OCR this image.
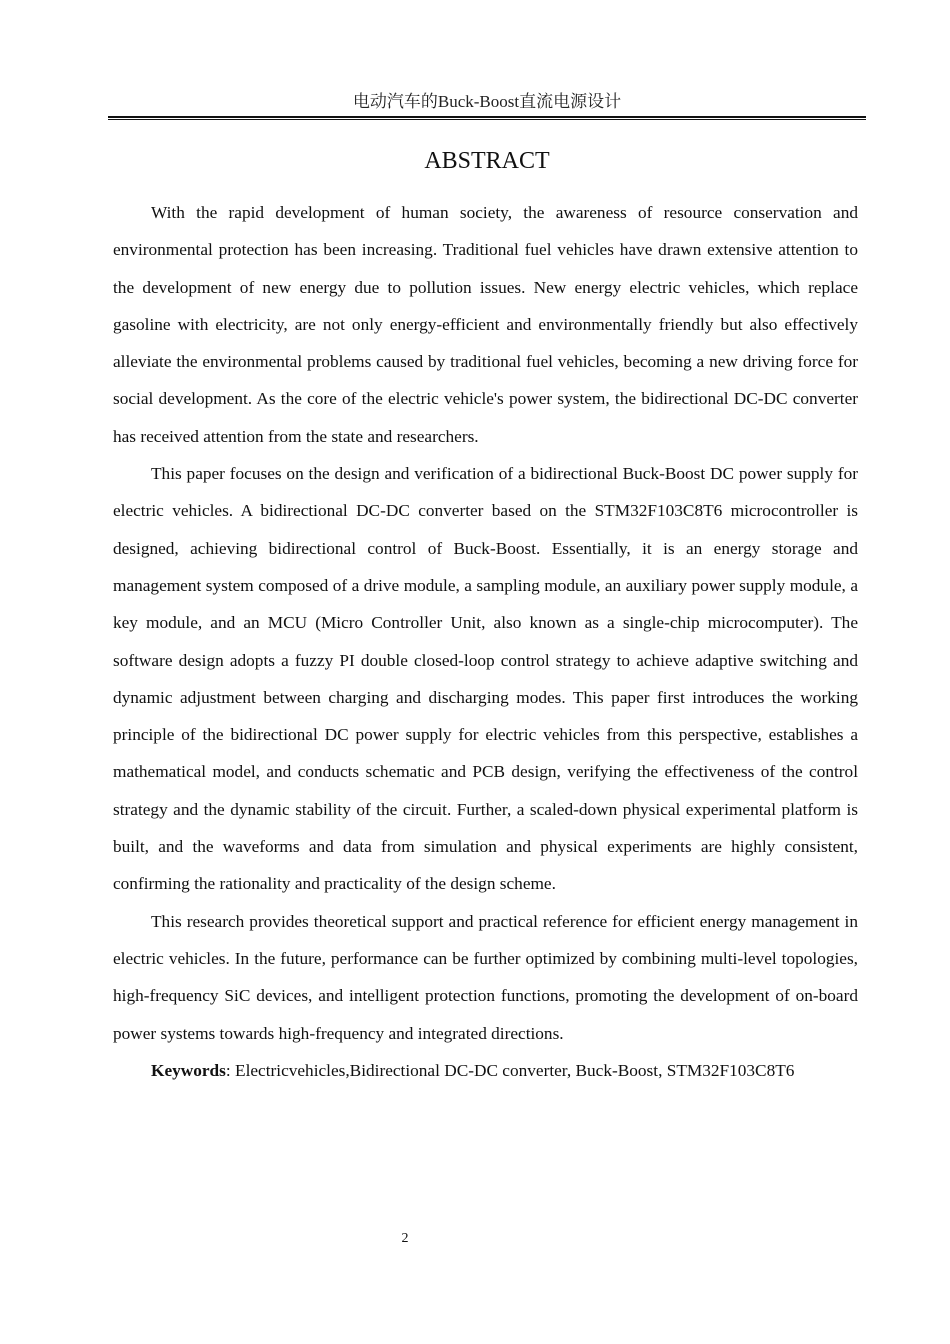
电动汽车的Buck-Boost直流电源设计
ABSTRACT

With the rapid development of human society, the awareness of resource conservation and environmental protection has been increasing. Traditional fuel vehicles have drawn extensive attention to the development of new energy due to pollution issues. New energy electric vehicles, which replace gasoline with electricity, are not only energy-efficient and environmentally friendly but also effectively alleviate the environmental problems caused by traditional fuel vehicles, becoming a new driving force for social development. As the core of the electric vehicle's power system, the bidirectional DC-DC converter has received attention from the state and researchers.

This paper focuses on the design and verification of a bidirectional Buck-Boost DC power supply for electric vehicles. A bidirectional DC-DC converter based on the STM32F103C8T6 microcontroller is designed, achieving bidirectional control of Buck-Boost. Essentially, it is an energy storage and management system composed of a drive module, a sampling module, an auxiliary power supply module, a key module, and an MCU (Micro Controller Unit, also known as a single-chip microcomputer). The software design adopts a fuzzy PI double closed-loop control strategy to achieve adaptive switching and dynamic adjustment between charging and discharging modes. This paper first introduces the working principle of the bidirectional DC power supply for electric vehicles from this perspective, establishes a mathematical model, and conducts schematic and PCB design, verifying the effectiveness of the control strategy and the dynamic stability of the circuit. Further, a scaled-down physical experimental platform is built, and the waveforms and data from simulation and physical experiments are highly consistent, confirming the rationality and practicality of the design scheme.

This research provides theoretical support and practical reference for efficient energy management in electric vehicles. In the future, performance can be further optimized by combining multi-level topologies, high-frequency SiC devices, and intelligent protection functions, promoting the development of on-board power systems towards high-frequency and integrated directions.

Keywords: Electricvehicles,Bidirectional DC-DC converter, Buck-Boost, STM32F103C8T6

2
